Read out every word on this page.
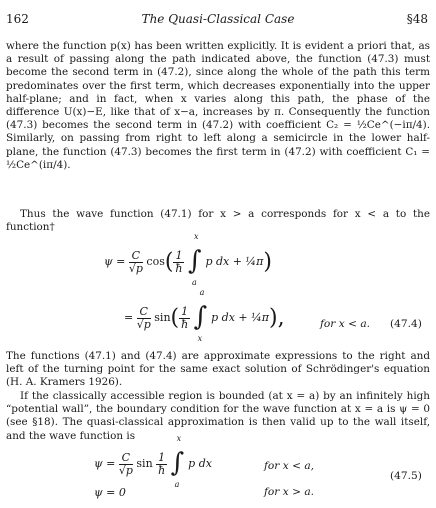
162	The Quasi-Classical Case	§48
where the function p(x) has been written explicitly. It is evident a priori that, as a result of passing along the path indicated above, the function (47.3) must become the second term in (47.2), since along the whole of the path this term predominates over the first term, which decreases exponentially into the upper half-plane; and in fact, when x varies along this path, the phase of the difference U(x)−E, like that of x−a, increases by π. Consequently the function (47.3) becomes the second term in (47.2) with coefficient C₂ = ½Ce^(−iπ/4). Similarly, on passing from right to left along a semicircle in the lower half-plane, the function (47.3) becomes the first term in (47.2) with coefficient C₁ = ½Ce^(iπ/4).
Thus the wave function (47.1) for x > a corresponds for x < a to the function†
$\psi = \frac{C}{√p} \cos( \frac{1}{ħ}$
∫
x
a
p dx + ¼π)
= $\frac{C}{√p} \sin( \frac{1}{ħ}$
∫
a
x
p dx + ¼π),	for x < a. (47.4)
The functions (47.1) and (47.4) are approximate expressions to the right and left of the turning point for the same exact solution of Schrödinger's equation (H. A. Kramers 1926).
If the classically accessible region is bounded (at x = a) by an infinitely high “potential wall”, the boundary condition for the wave function at x = a is ψ = 0 (see §18). The quasi-classical approximation is then valid up to the wall itself, and the wave function is
$\psi = \frac{C}{√p}$ $\sin \frac{1}{ħ}$
∫
x
a
p dx	for x < a,
(47.5)
ψ = 0	for x > a.
